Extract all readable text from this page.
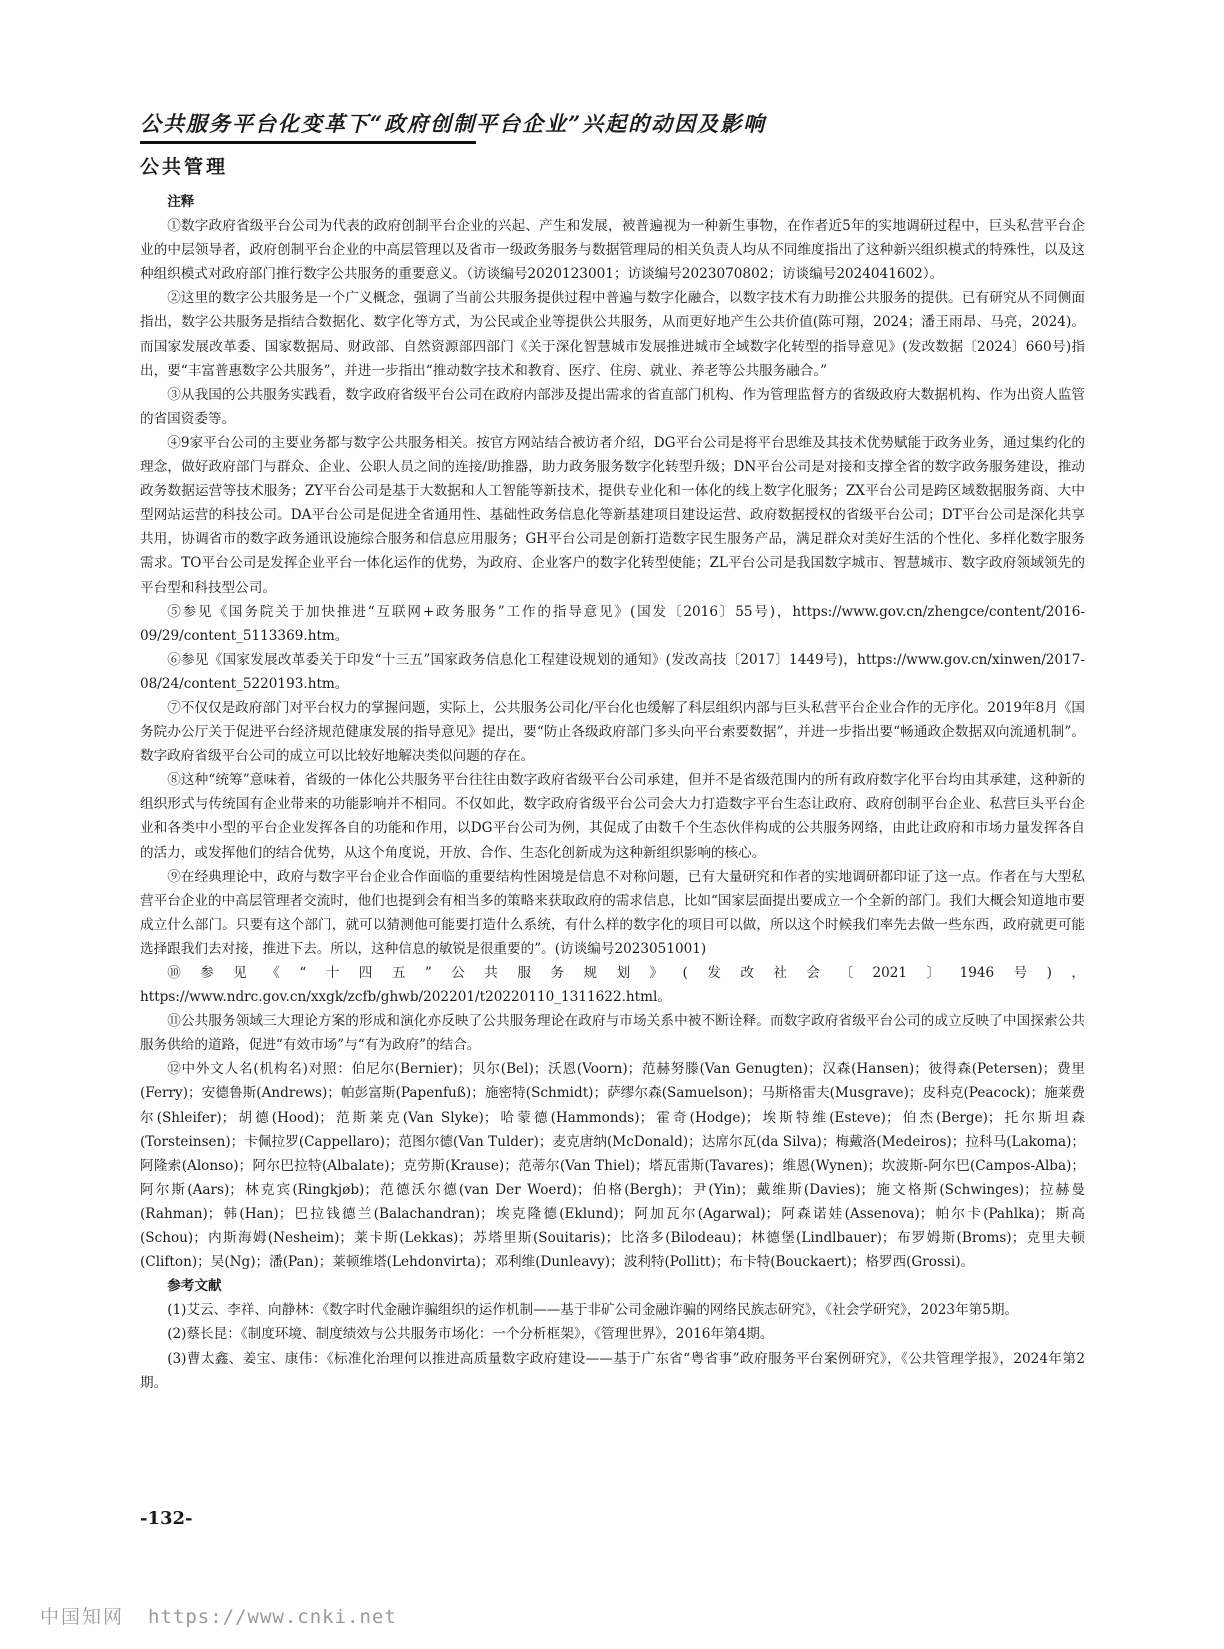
公共服务平台化变革下“政府创制平台企业”兴起的动因及影响
公共管理

注释

①数字政府省级平台公司为代表的政府创制平台企业的兴起、产生和发展，被普遍视为一种新生事物，在作者近5年的实地调研过程中，巨头私营平台企业的中层领导者，政府创制平台企业的中高层管理以及省市一级政务服务与数据管理局的相关负责人均从不同维度指出了这种新兴组织模式的特殊性，以及这种组织模式对政府部门推行数字公共服务的重要意义。（访谈编号2020123001；访谈编号2023070802；访谈编号2024041602）。

②这里的数字公共服务是一个广义概念，强调了当前公共服务提供过程中普遍与数字化融合，以数字技术有力助推公共服务的提供。已有研究从不同侧面指出，数字公共服务是指结合数据化、数字化等方式，为公民或企业等提供公共服务，从而更好地产生公共价值(陈可翔，2024；潘王雨昂、马亮，2024)。而国家发展改革委、国家数据局、财政部、自然资源部四部门《关于深化智慧城市发展推进城市全域数字化转型的指导意见》(发改数据〔2024〕660号)指出，要“丰富普惠数字公共服务”，并进一步指出“推动数字技术和教育、医疗、住房、就业、养老等公共服务融合。”

③从我国的公共服务实践看，数字政府省级平台公司在政府内部涉及提出需求的省直部门机构、作为管理监督方的省级政府大数据机构、作为出资人监管的省国资委等。

④9家平台公司的主要业务都与数字公共服务相关。按官方网站结合被访者介绍，DG平台公司是将平台思维及其技术优势赋能于政务业务，通过集约化的理念，做好政府部门与群众、企业、公职人员之间的连接/助推器，助力政务服务数字化转型升级；DN平台公司是对接和支撑全省的数字政务服务建设，推动政务数据运营等技术服务；ZY平台公司是基于大数据和人工智能等新技术，提供专业化和一体化的线上数字化服务；ZX平台公司是跨区域数据服务商、大中型网站运营的科技公司。DA平台公司是促进全省通用性、基础性政务信息化等新基建项目建设运营、政府数据授权的省级平台公司；DT平台公司是深化共享共用，协调省市的数字政务通讯设施综合服务和信息应用服务；GH平台公司是创新打造数字民生服务产品，满足群众对美好生活的个性化、多样化数字服务需求。TO平台公司是发挥企业平台一体化运作的优势，为政府、企业客户的数字化转型使能；ZL平台公司是我国数字城市、智慧城市、数字政府领域领先的平台型和科技型公司。

⑤参见《国务院关于加快推进“互联网+政务服务”工作的指导意见》(国发〔2016〕55号)，https://www.gov.cn/zhengce/content/2016-09/29/content_5113369.htm。

⑥参见《国家发展改革委关于印发“十三五”国家政务信息化工程建设规划的通知》(发改高技〔2017〕1449号)，https://www.gov.cn/xinwen/2017-08/24/content_5220193.htm。

⑦不仅仅是政府部门对平台权力的掌握问题，实际上，公共服务公司化/平台化也缓解了科层组织内部与巨头私营平台企业合作的无序化。2019年8月《国务院办公厅关于促进平台经济规范健康发展的指导意见》提出，要“防止各级政府部门多头向平台索要数据”，并进一步指出要“畅通政企数据双向流通机制”。数字政府省级平台公司的成立可以比较好地解决类似问题的存在。

⑧这种“统筹”意味着，省级的一体化公共服务平台往往由数字政府省级平台公司承建，但并不是省级范围内的所有政府数字化平台均由其承建，这种新的组织形式与传统国有企业带来的功能影响并不相同。不仅如此，数字政府省级平台公司会大力打造数字平台生态让政府、政府创制平台企业、私营巨头平台企业和各类中小型的平台企业发挥各自的功能和作用，以DG平台公司为例，其促成了由数千个生态伙伴构成的公共服务网络，由此让政府和市场力量发挥各自的活力，或发挥他们的结合优势，从这个角度说，开放、合作、生态化创新成为这种新组织影响的核心。

⑨在经典理论中，政府与数字平台企业合作面临的重要结构性困境是信息不对称问题，已有大量研究和作者的实地调研都印证了这一点。作者在与大型私营平台企业的中高层管理者交流时，他们也提到会有相当多的策略来获取政府的需求信息，比如“国家层面提出要成立一个全新的部门。我们大概会知道地市要成立什么部门。只要有这个部门，就可以猜测他可能要打造什么系统，有什么样的数字化的项目可以做，所以这个时候我们率先去做一些东西，政府就更可能选择跟我们去对接，推进下去。所以，这种信息的敏锐是很重要的”。(访谈编号2023051001)

⑩参见《“十四五”公共服务规划》(发改社会〔2021〕1946号)，https://www.ndrc.gov.cn/xxgk/zcfb/ghwb/202201/t20220110_1311622.html。

⑪公共服务领域三大理论方案的形成和演化亦反映了公共服务理论在政府与市场关系中被不断诠释。而数字政府省级平台公司的成立反映了中国探索公共服务供给的道路，促进“有效市场”与“有为政府”的结合。

⑫中外文人名(机构名)对照：伯尼尔(Bernier)；贝尔(Bel)；沃恩(Voorn)；范赫努滕(Van Genugten)；汉森(Hansen)；彼得森(Petersen)；费里(Ferry)；安德鲁斯(Andrews)；帕彭富斯(Papenfuß)；施密特(Schmidt)；萨缪尔森(Samuelson)；马斯格雷夫(Musgrave)；皮科克(Peacock)；施莱费尔(Shleifer)；胡德(Hood)；范斯莱克(Van Slyke)；哈蒙德(Hammonds)；霍奇(Hodge)；埃斯特维(Esteve)；伯杰(Berge)；托尔斯坦森(Torsteinsen)；卡佩拉罗(Cappellaro)；范图尔德(Van Tulder)；麦克唐纳(McDonald)；达席尔瓦(da Silva)；梅戴洛(Medeiros)；拉科马(Lakoma)；阿隆索(Alonso)；阿尔巴拉特(Albalate)；克劳斯(Krause)；范蒂尔(Van Thiel)；塔瓦雷斯(Tavares)；维恩(Wynen)；坎波斯-阿尔巴(Campos-Alba)；阿尔斯(Aars)；林克宾(Ringkjøb)；范德沃尔德(van Der Woerd)；伯格(Bergh)；尹(Yin)；戴维斯(Davies)；施文格斯(Schwinges)；拉赫曼(Rahman)；韩(Han)；巴拉钱德兰(Balachandran)；埃克隆德(Eklund)；阿加瓦尔(Agarwal)；阿森诺娃(Assenova)；帕尔卡(Pahlka)；斯高(Schou)；内斯海姆(Nesheim)；莱卡斯(Lekkas)；苏塔里斯(Souitaris)；比洛多(Bilodeau)；林德堡(Lindlbauer)；布罗姆斯(Broms)；克里夫顿(Clifton)；吴(Ng)；潘(Pan)；莱顿维塔(Lehdonvirta)；邓利维(Dunleavy)；波利特(Pollitt)；布卡特(Bouckaert)；格罗西(Grossi)。

参考文献

(1)艾云、李祥、向静林：《数字时代金融诈骗组织的运作机制——基于非矿公司金融诈骗的网络民族志研究》，《社会学研究》，2023年第5期。

(2)蔡长昆：《制度环境、制度绩效与公共服务市场化：一个分析框架》，《管理世界》，2016年第4期。

(3)曹太鑫、姜宝、康伟：《标准化治理何以推进高质量数字政府建设——基于广东省“粤省事”政府服务平台案例研究》，《公共管理学报》，2024年第2期。

-132-
中国知网 https://www.cnki.net
